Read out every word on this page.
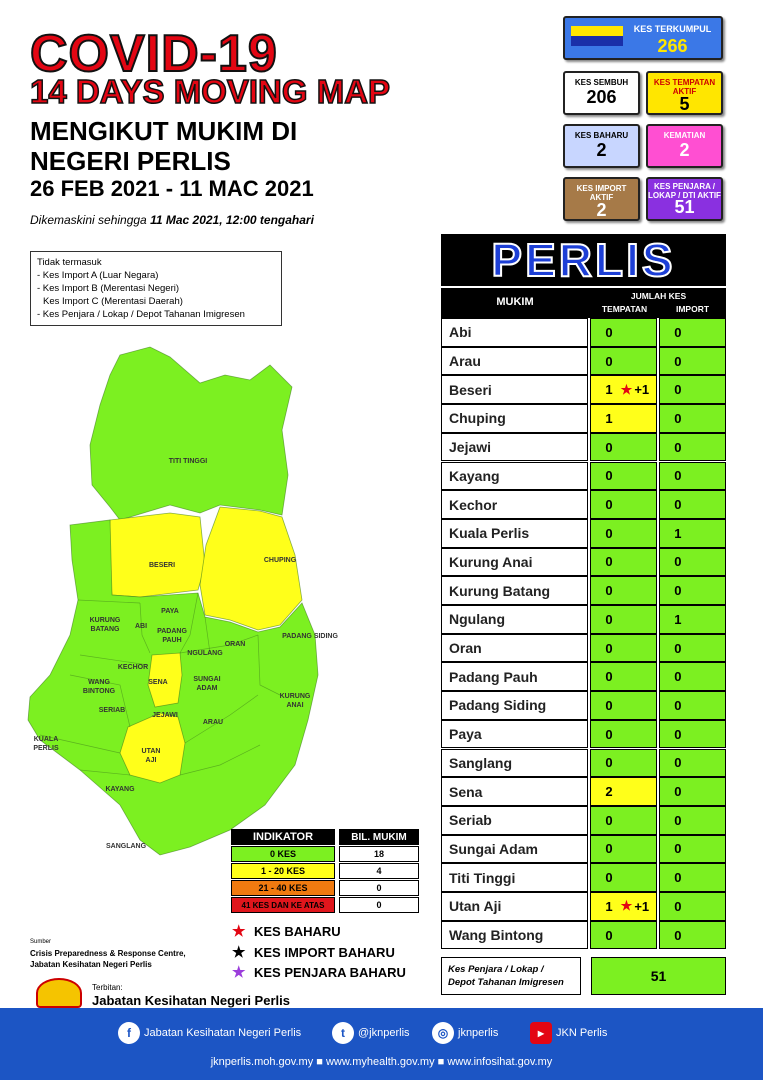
COVID-19
14 DAYS MOVING MAP
MENGIKUT MUKIM DI
NEGERI PERLIS
26 FEB 2021 - 11 MAC 2021
Dikemaskini sehingga 11 Mac 2021, 12:00 tengahari
Tidak termasuk
- Kes Import A (Luar Negara)
- Kes Import B (Merentasi Negeri)
Kes Import C (Merentasi Daerah)
- Kes Penjara / Lokap / Depot Tahanan Imigresen
KES TERKUMPUL
266
KES SEMBUH
206
KES TEMPATAN AKTIF
5
KES BAHARU
2
KEMATIAN
2
KES IMPORT AKTIF
2
KES PENJARA / LOKAP / DTI AKTIF
51
TITI TINGGI
BESERI
CHUPING
PAYA
KURUNG
BATANG ABI
PADANG
PAUH
NGULANG
ORAN
PADANG SIDING
KECHOR
SENA	SUNGAI
ADAM
WANG
BINTONG
KURUNG
ANAI
SERIAB
JEJAWI
ARAU
KUALA
PERLIS	UTAN
AJI
KAYANG
SANGLANG
INDIKATOR	BIL. MUKIM
0 KES	18
1 - 20 KES	4
21 - 40 KES	0
41 KES DAN KE ATAS	0
★ KES BAHARU
★ KES IMPORT BAHARU
★ KES PENJARA BAHARU
Sumber
Crisis Preparedness & Response Centre,
Jabatan Kesihatan Negeri Perlis
Terbitan:
Jabatan Kesihatan Negeri Perlis
PERLIS
MUKIM	JUMLAH KES
TEMPATAN	IMPORT
Abi	0	0
Arau	0	0
Beseri	1 ★ +1	0
Chuping	1	0
Jejawi	0	0
Kayang	0	0
Kechor	0	0
Kuala Perlis	0	1
Kurung Anai	0	0
Kurung Batang	0	0
Ngulang	0	1
Oran	0	0
Padang Pauh	0	0
Padang Siding	0	0
Paya	0	0
Sanglang	0	0
Sena	2	0
Seriab	0	0
Sungai Adam	0	0
Titi Tinggi	0	0
Utan Aji	1 ★ +1	0
Wang Bintong	0	0
Kes Penjara / Lokap /
Depot Tahanan Imigresen	51
f	Jabatan Kesihatan Negeri Perlis	t	@jknperlis	◎ jknperlis	▶	JKN Perlis
jknperlis.moh.gov.my ■ www.myhealth.gov.my ■ www.infosihat.gov.my
